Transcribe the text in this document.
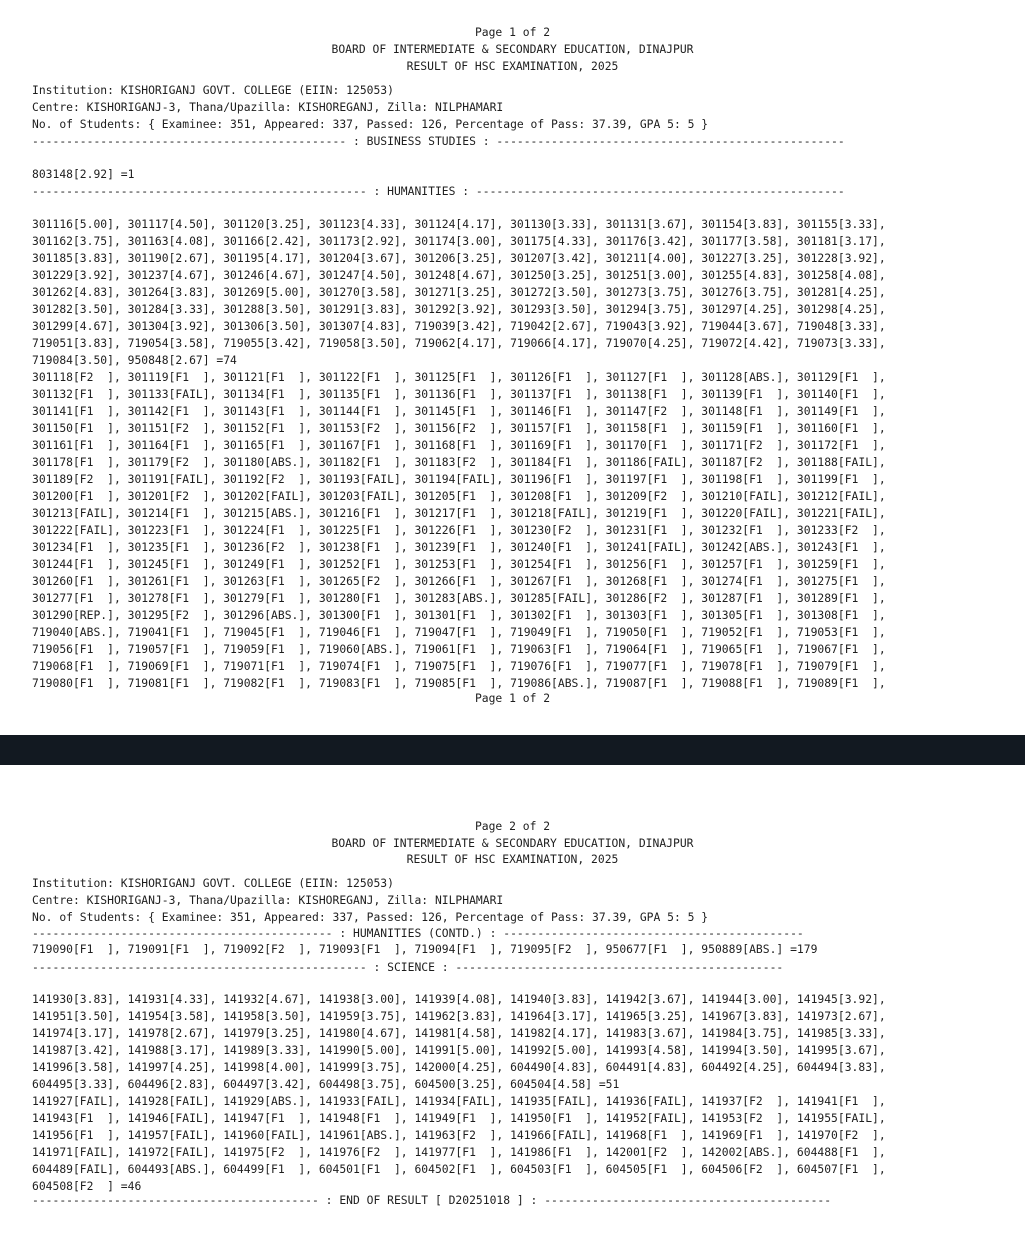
Page 1 of 2
BOARD OF INTERMEDIATE & SECONDARY EDUCATION, DINAJPUR
RESULT OF HSC EXAMINATION, 2025
Institution: KISHORIGANJ GOVT. COLLEGE (EIIN: 125053)
Centre: KISHORIGANJ-3, Thana/Upazilla: KISHOREGANJ, Zilla: NILPHAMARI
No. of Students: { Examinee: 351, Appeared: 337, Passed: 126, Percentage of Pass: 37.39, GPA 5: 5 }
---------------------------------------------- : BUSINESS STUDIES : ---------------------------------------------------
803148[2.92] =1
------------------------------------------------- : HUMANITIES : ------------------------------------------------------
301116[5.00], 301117[4.50], 301120[3.25], 301123[4.33], 301124[4.17], 301130[3.33], 301131[3.67], 301154[3.83], 301155[3.33],
301162[3.75], 301163[4.08], 301166[2.42], 301173[2.92], 301174[3.00], 301175[4.33], 301176[3.42], 301177[3.58], 301181[3.17],
301185[3.83], 301190[2.67], 301195[4.17], 301204[3.67], 301206[3.25], 301207[3.42], 301211[4.00], 301227[3.25], 301228[3.92],
301229[3.92], 301237[4.67], 301246[4.67], 301247[4.50], 301248[4.67], 301250[3.25], 301251[3.00], 301255[4.83], 301258[4.08],
301262[4.83], 301264[3.83], 301269[5.00], 301270[3.58], 301271[3.25], 301272[3.50], 301273[3.75], 301276[3.75], 301281[4.25],
301282[3.50], 301284[3.33], 301288[3.50], 301291[3.83], 301292[3.92], 301293[3.50], 301294[3.75], 301297[4.25], 301298[4.25],
301299[4.67], 301304[3.92], 301306[3.50], 301307[4.83], 719039[3.42], 719042[2.67], 719043[3.92], 719044[3.67], 719048[3.33],
719051[3.83], 719054[3.58], 719055[3.42], 719058[3.50], 719062[4.17], 719066[4.17], 719070[4.25], 719072[4.42], 719073[3.33],
719084[3.50], 950848[2.67] =74
301118[F2  ], 301119[F1  ], 301121[F1  ], 301122[F1  ], 301125[F1  ], 301126[F1  ], 301127[F1  ], 301128[ABS.], 301129[F1  ],
301132[F1  ], 301133[FAIL], 301134[F1  ], 301135[F1  ], 301136[F1  ], 301137[F1  ], 301138[F1  ], 301139[F1  ], 301140[F1  ],
301141[F1  ], 301142[F1  ], 301143[F1  ], 301144[F1  ], 301145[F1  ], 301146[F1  ], 301147[F2  ], 301148[F1  ], 301149[F1  ],
301150[F1  ], 301151[F2  ], 301152[F1  ], 301153[F2  ], 301156[F2  ], 301157[F1  ], 301158[F1  ], 301159[F1  ], 301160[F1  ],
301161[F1  ], 301164[F1  ], 301165[F1  ], 301167[F1  ], 301168[F1  ], 301169[F1  ], 301170[F1  ], 301171[F2  ], 301172[F1  ],
301178[F1  ], 301179[F2  ], 301180[ABS.], 301182[F1  ], 301183[F2  ], 301184[F1  ], 301186[FAIL], 301187[F2  ], 301188[FAIL],
301189[F2  ], 301191[FAIL], 301192[F2  ], 301193[FAIL], 301194[FAIL], 301196[F1  ], 301197[F1  ], 301198[F1  ], 301199[F1  ],
301200[F1  ], 301201[F2  ], 301202[FAIL], 301203[FAIL], 301205[F1  ], 301208[F1  ], 301209[F2  ], 301210[FAIL], 301212[FAIL],
301213[FAIL], 301214[F1  ], 301215[ABS.], 301216[F1  ], 301217[F1  ], 301218[FAIL], 301219[F1  ], 301220[FAIL], 301221[FAIL],
301222[FAIL], 301223[F1  ], 301224[F1  ], 301225[F1  ], 301226[F1  ], 301230[F2  ], 301231[F1  ], 301232[F1  ], 301233[F2  ],
301234[F1  ], 301235[F1  ], 301236[F2  ], 301238[F1  ], 301239[F1  ], 301240[F1  ], 301241[FAIL], 301242[ABS.], 301243[F1  ],
301244[F1  ], 301245[F1  ], 301249[F1  ], 301252[F1  ], 301253[F1  ], 301254[F1  ], 301256[F1  ], 301257[F1  ], 301259[F1  ],
301260[F1  ], 301261[F1  ], 301263[F1  ], 301265[F2  ], 301266[F1  ], 301267[F1  ], 301268[F1  ], 301274[F1  ], 301275[F1  ],
301277[F1  ], 301278[F1  ], 301279[F1  ], 301280[F1  ], 301283[ABS.], 301285[FAIL], 301286[F2  ], 301287[F1  ], 301289[F1  ],
301290[REP.], 301295[F2  ], 301296[ABS.], 301300[F1  ], 301301[F1  ], 301302[F1  ], 301303[F1  ], 301305[F1  ], 301308[F1  ],
719040[ABS.], 719041[F1  ], 719045[F1  ], 719046[F1  ], 719047[F1  ], 719049[F1  ], 719050[F1  ], 719052[F1  ], 719053[F1  ],
719056[F1  ], 719057[F1  ], 719059[F1  ], 719060[ABS.], 719061[F1  ], 719063[F1  ], 719064[F1  ], 719065[F1  ], 719067[F1  ],
719068[F1  ], 719069[F1  ], 719071[F1  ], 719074[F1  ], 719075[F1  ], 719076[F1  ], 719077[F1  ], 719078[F1  ], 719079[F1  ],
719080[F1  ], 719081[F1  ], 719082[F1  ], 719083[F1  ], 719085[F1  ], 719086[ABS.], 719087[F1  ], 719088[F1  ], 719089[F1  ],
Page 1 of 2
Page 2 of 2
BOARD OF INTERMEDIATE & SECONDARY EDUCATION, DINAJPUR
RESULT OF HSC EXAMINATION, 2025
Institution: KISHORIGANJ GOVT. COLLEGE (EIIN: 125053)
Centre: KISHORIGANJ-3, Thana/Upazilla: KISHOREGANJ, Zilla: NILPHAMARI
No. of Students: { Examinee: 351, Appeared: 337, Passed: 126, Percentage of Pass: 37.39, GPA 5: 5 }
-------------------------------------------- : HUMANITIES (CONTD.) : --------------------------------------------
719090[F1  ], 719091[F1  ], 719092[F2  ], 719093[F1  ], 719094[F1  ], 719095[F2  ], 950677[F1  ], 950889[ABS.] =179
------------------------------------------------- : SCIENCE : ------------------------------------------------
141930[3.83], 141931[4.33], 141932[4.67], 141938[3.00], 141939[4.08], 141940[3.83], 141942[3.67], 141944[3.00], 141945[3.92],
141951[3.50], 141954[3.58], 141958[3.50], 141959[3.75], 141962[3.83], 141964[3.17], 141965[3.25], 141967[3.83], 141973[2.67],
141974[3.17], 141978[2.67], 141979[3.25], 141980[4.67], 141981[4.58], 141982[4.17], 141983[3.67], 141984[3.75], 141985[3.33],
141987[3.42], 141988[3.17], 141989[3.33], 141990[5.00], 141991[5.00], 141992[5.00], 141993[4.58], 141994[3.50], 141995[3.67],
141996[3.58], 141997[4.25], 141998[4.00], 141999[3.75], 142000[4.25], 604490[4.83], 604491[4.83], 604492[4.25], 604494[3.83],
604495[3.33], 604496[2.83], 604497[3.42], 604498[3.75], 604500[3.25], 604504[4.58] =51
141927[FAIL], 141928[FAIL], 141929[ABS.], 141933[FAIL], 141934[FAIL], 141935[FAIL], 141936[FAIL], 141937[F2  ], 141941[F1  ],
141943[F1  ], 141946[FAIL], 141947[F1  ], 141948[F1  ], 141949[F1  ], 141950[F1  ], 141952[FAIL], 141953[F2  ], 141955[FAIL],
141956[F1  ], 141957[FAIL], 141960[FAIL], 141961[ABS.], 141963[F2  ], 141966[FAIL], 141968[F1  ], 141969[F1  ], 141970[F2  ],
141971[FAIL], 141972[FAIL], 141975[F2  ], 141976[F2  ], 141977[F1  ], 141986[F1  ], 142001[F2  ], 142002[ABS.], 604488[F1  ],
604489[FAIL], 604493[ABS.], 604499[F1  ], 604501[F1  ], 604502[F1  ], 604503[F1  ], 604505[F1  ], 604506[F2  ], 604507[F1  ],
604508[F2  ] =46
------------------------------------------ : END OF RESULT [ D20251018 ] : ------------------------------------------
